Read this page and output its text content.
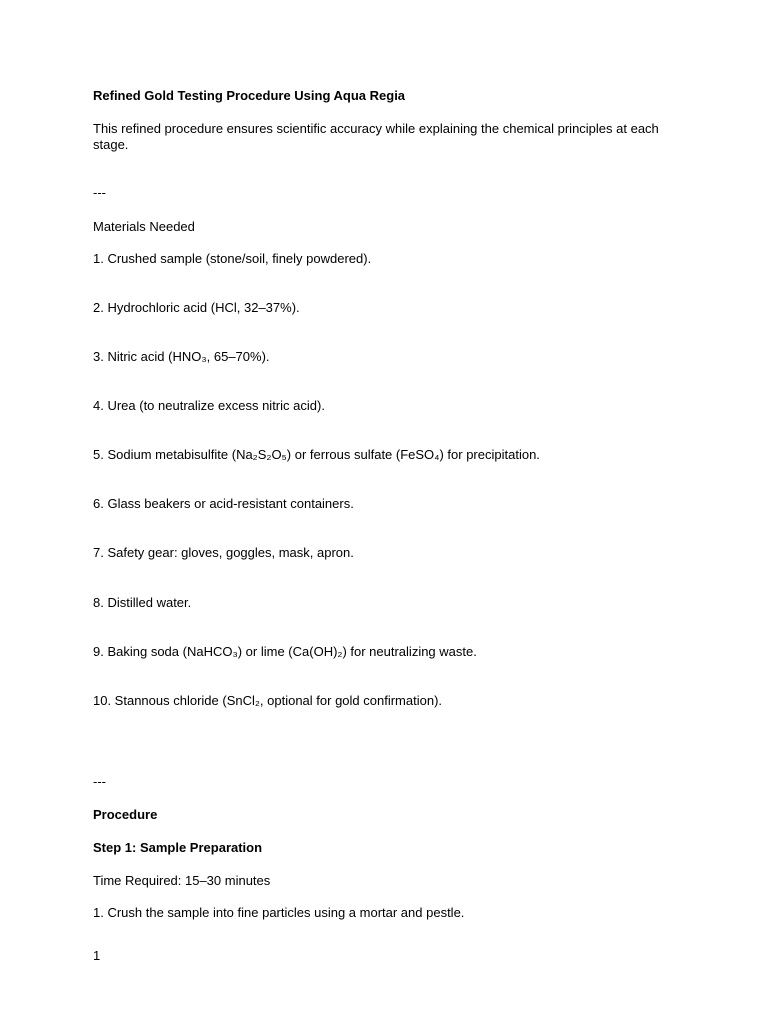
Refined Gold Testing Procedure Using Aqua Regia
This refined procedure ensures scientific accuracy while explaining the chemical principles at each stage.
---
Materials Needed
1. Crushed sample (stone/soil, finely powdered).
2. Hydrochloric acid (HCl, 32–37%).
3. Nitric acid (HNO₃, 65–70%).
4. Urea (to neutralize excess nitric acid).
5. Sodium metabisulfite (Na₂S₂O₅) or ferrous sulfate (FeSO₄) for precipitation.
6. Glass beakers or acid-resistant containers.
7. Safety gear: gloves, goggles, mask, apron.
8. Distilled water.
9. Baking soda (NaHCO₃) or lime (Ca(OH)₂) for neutralizing waste.
10. Stannous chloride (SnCl₂, optional for gold confirmation).
---
Procedure
Step 1: Sample Preparation
Time Required: 15–30 minutes
1. Crush the sample into fine particles using a mortar and pestle.
1
